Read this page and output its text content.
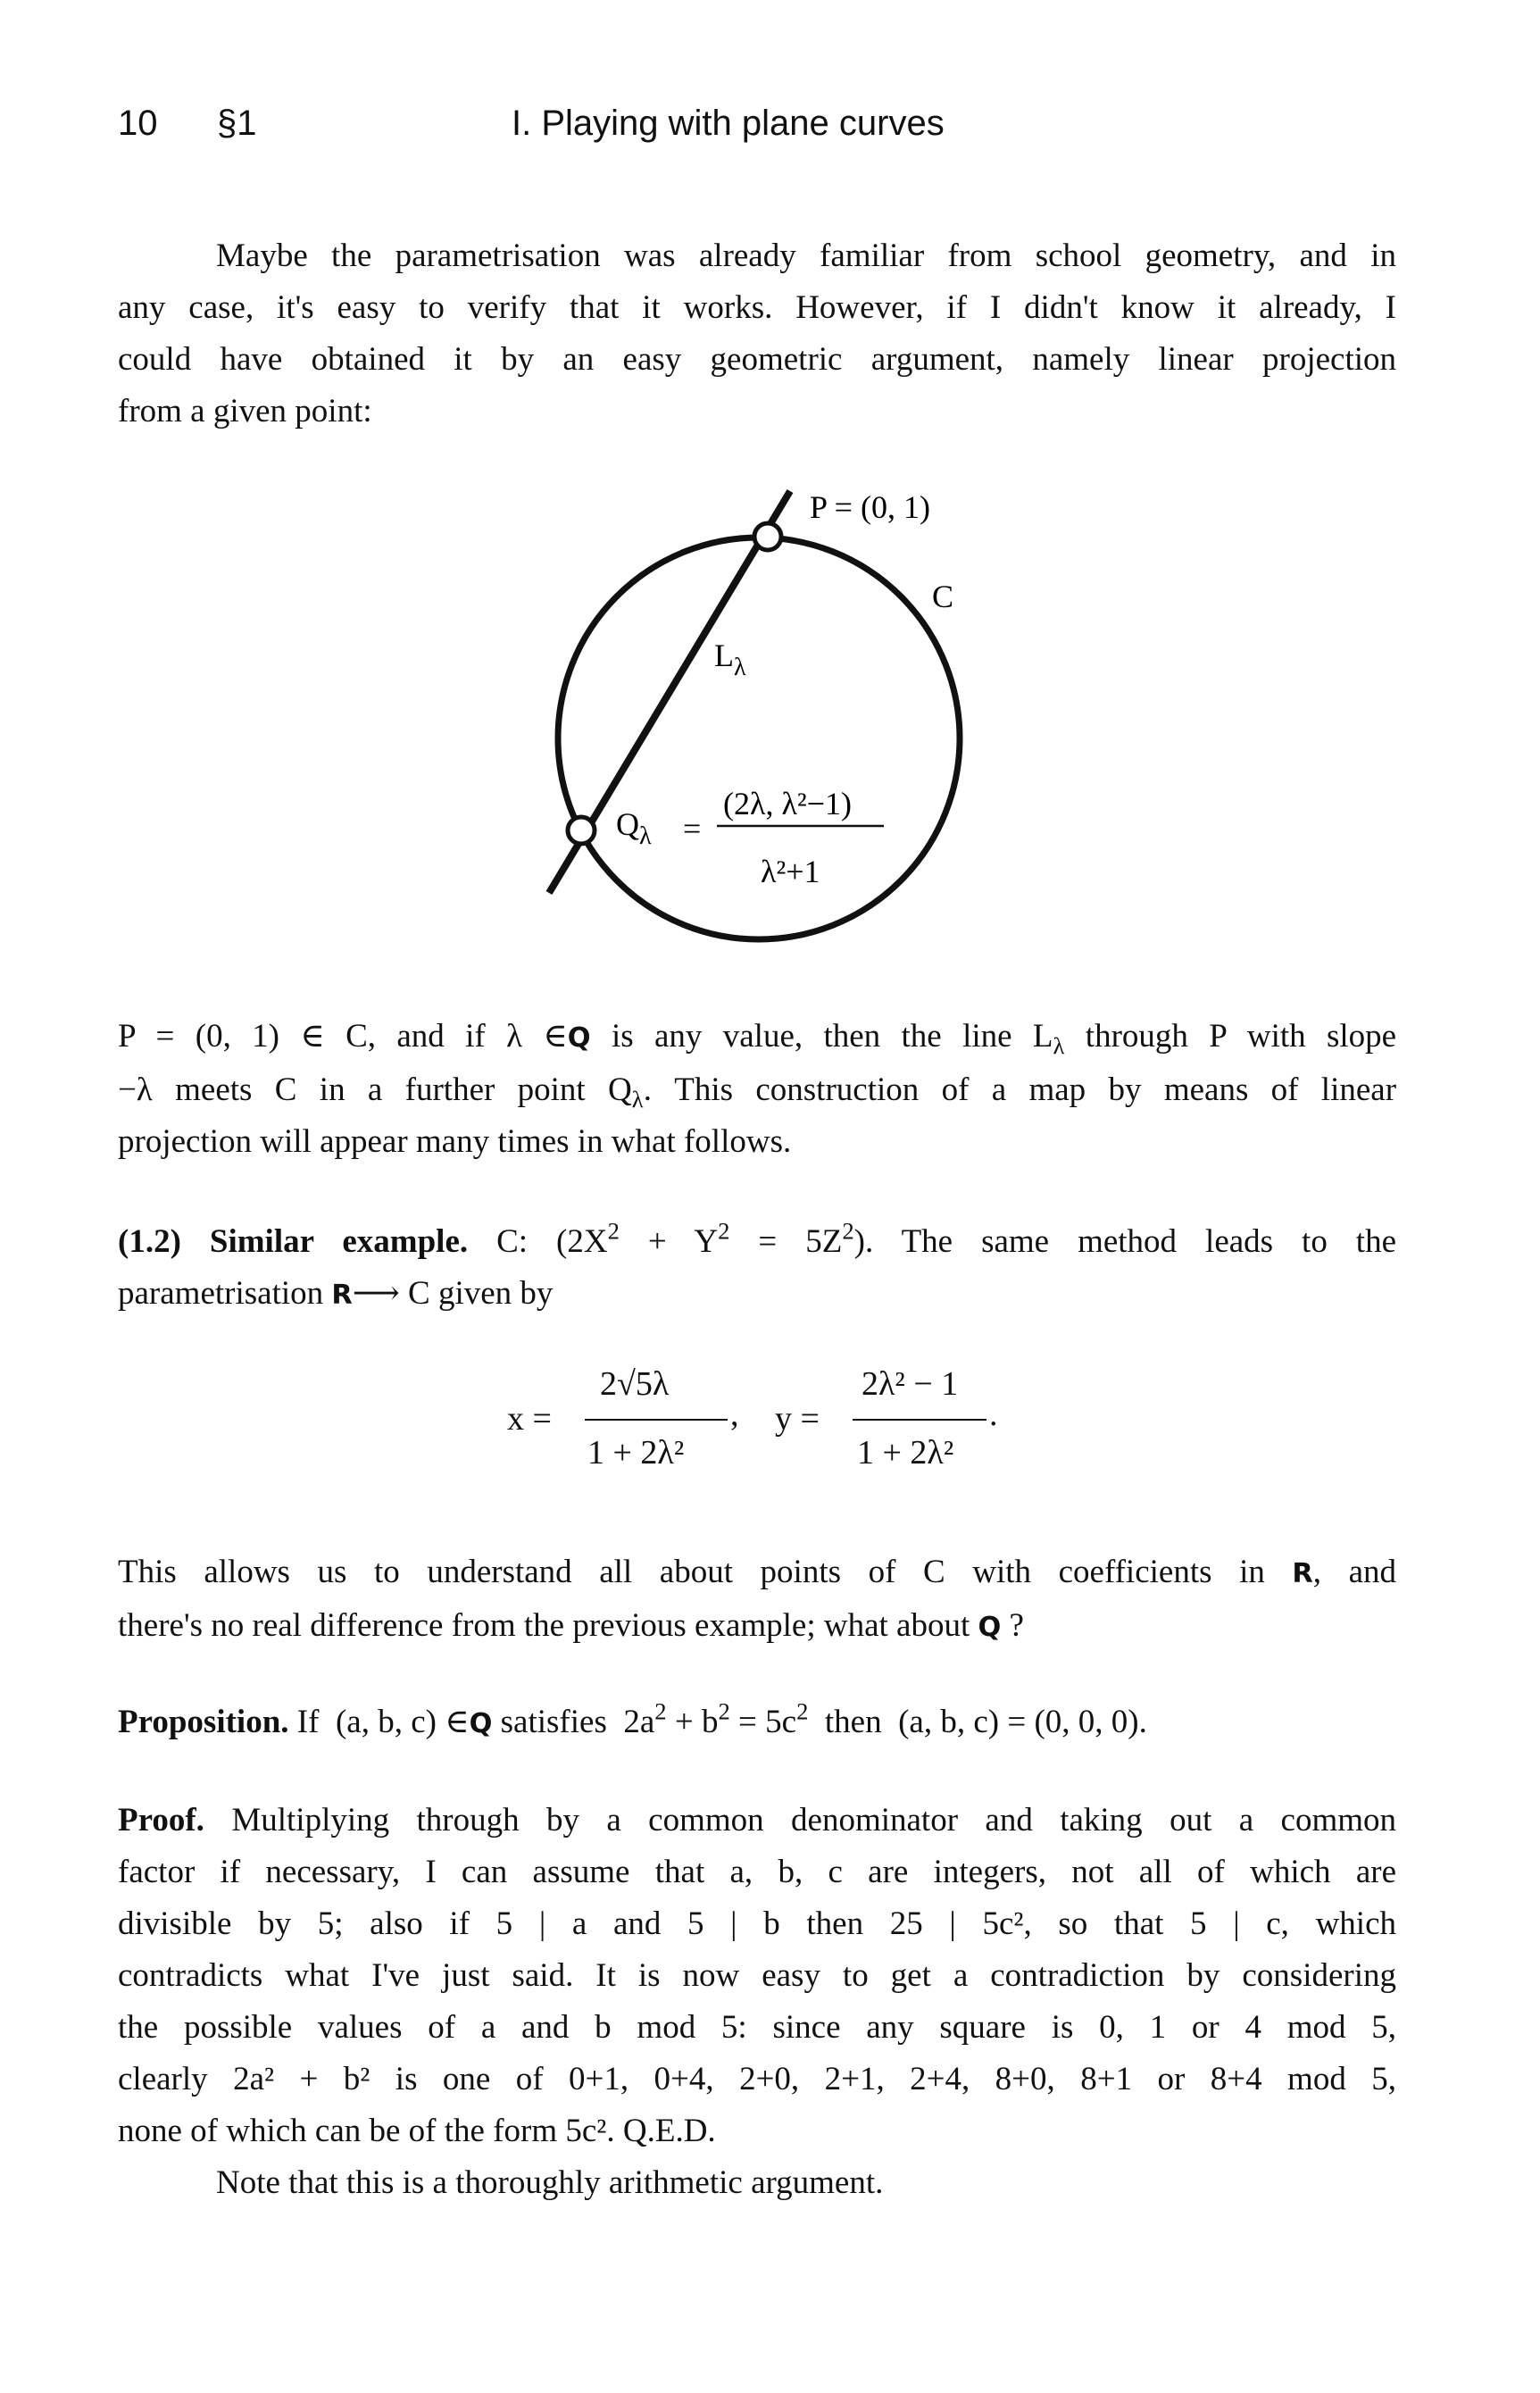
10 §1	I. Playing with plane curves
Maybe the parametrisation was already familiar from school geometry, and in
any case, it's easy to verify that it works. However, if I didn't know it already, I
could have obtained it by an easy geometric argument, namely linear projection
from a given point:
P = (0, 1)
C
$L_\lambda$
$Q_\lambda$ =
(2λ, λ²−1)
λ²+1
P = (0, 1) ∈ C, and if λ ∈Q is any value, then the line $L_\lambda$ through P with slope
−λ meets C in a further point $Q_\lambda$. This construction of a map by means of linear
projection will appear many times in what follows.
(1.2) Similar example. C: $(2X^2 + Y^2 = 5Z^2)$. The same method leads to the
parametrisation R⟶ C given by
x =
2√5λ
1 + 2λ²
, y =
2λ² − 1
1 + 2λ²
.
This allows us to understand all about points of C with coefficients in R, and
there's no real difference from the previous example; what about Q ?
Proposition. If (a, b, c) ∈Q satisfies $2a^2 + b^2 = 5c^2$ then (a, b, c) = (0, 0, 0).
Proof. Multiplying through by a common denominator and taking out a common
factor if necessary, I can assume that a, b, c are integers, not all of which are
divisible by 5; also if 5 | a and 5 | b then 25 | 5c², so that 5 | c, which
contradicts what I've just said. It is now easy to get a contradiction by considering
the possible values of a and b mod 5: since any square is 0, 1 or 4 mod 5,
clearly 2a² + b² is one of 0+1, 0+4, 2+0, 2+1, 2+4, 8+0, 8+1 or 8+4 mod 5,
none of which can be of the form 5c². Q.E.D.
Note that this is a thoroughly arithmetic argument.
